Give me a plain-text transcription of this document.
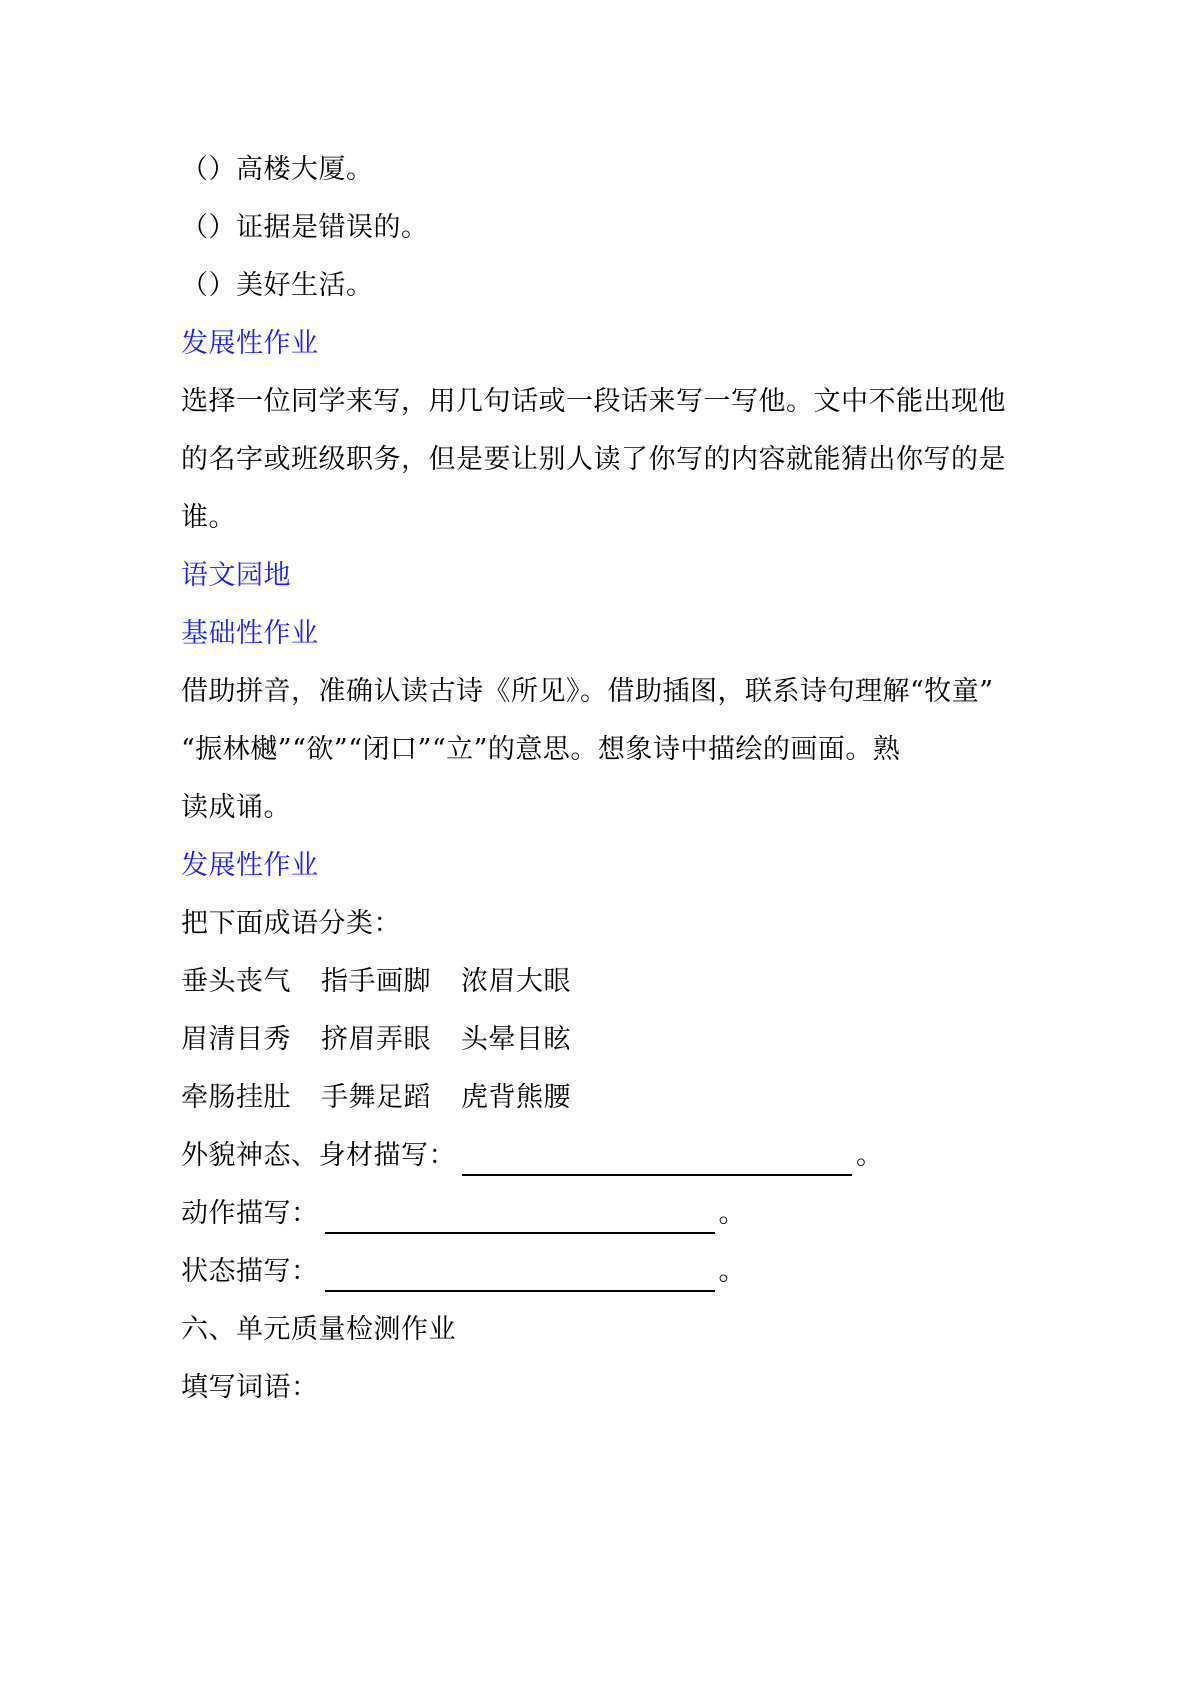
（）高楼大厦。
（）证据是错误的。
（）美好生活。
发展性作业
选择一位同学来写，用几句话或一段话来写一写他。文中不能出现他
的名字或班级职务，但是要让别人读了你写的内容就能猜出你写的是
谁。
语文园地
基础性作业
借助拼音，准确认读古诗《所见》。借助插图，联系诗句理解“牧童”
“振林樾”“欲”“闭口”“立”的意思。想象诗中描绘的画面。熟
读成诵。
发展性作业
把下面成语分类：
垂头丧气 指手画脚 浓眉大眼
眉清目秀 挤眉弄眼 头晕目眩
牵肠挂肚 手舞足蹈 虎背熊腰
外貌神态、身材描写：	。
动作描写：	。
状态描写：	。
六、单元质量检测作业
填写词语：
